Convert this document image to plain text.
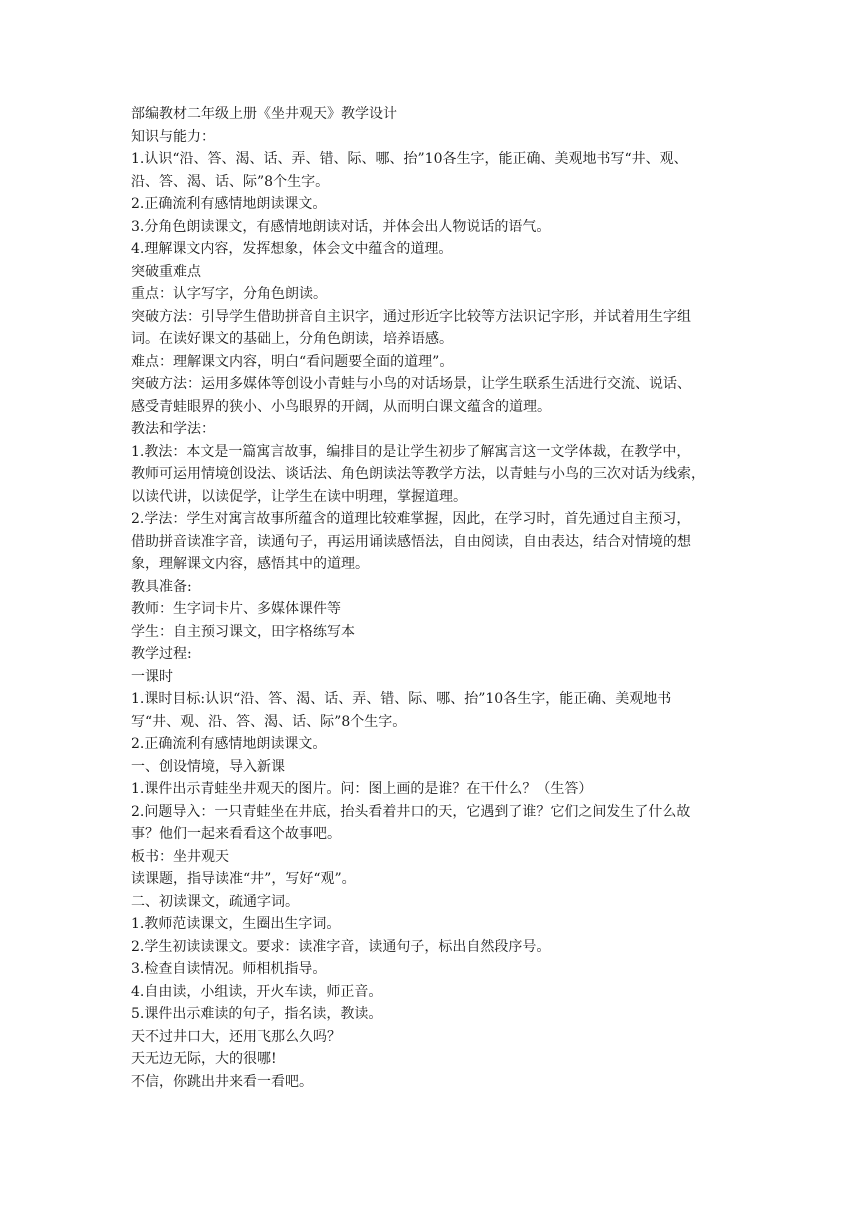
部编教材二年级上册《坐井观天》教学设计

知识与能力：

1.认识“沿、答、渴、话、弄、错、际、哪、抬”10各生字，能正确、美观地书写“井、观、

沿、答、渴、话、际”8个生字。

2.正确流利有感情地朗读课文。

3.分角色朗读课文，有感情地朗读对话，并体会出人物说话的语气。

4.理解课文内容，发挥想象，体会文中蕴含的道理。

突破重难点

重点：认字写字，分角色朗读。

突破方法：引导学生借助拼音自主识字，通过形近字比较等方法识记字形，并试着用生字组

词。在读好课文的基础上，分角色朗读，培养语感。

难点：理解课文内容，明白“看问题要全面的道理”。

突破方法：运用多媒体等创设小青蛙与小鸟的对话场景，让学生联系生活进行交流、说话、

感受青蛙眼界的狭小、小鸟眼界的开阔，从而明白课文蕴含的道理。

教法和学法：

1.教法：本文是一篇寓言故事，编排目的是让学生初步了解寓言这一文学体裁，在教学中，

教师可运用情境创设法、谈话法、角色朗读法等教学方法，以青蛙与小鸟的三次对话为线索，

以读代讲，以读促学，让学生在读中明理，掌握道理。

2.学法：学生对寓言故事所蕴含的道理比较难掌握，因此，在学习时，首先通过自主预习，

借助拼音读准字音，读通句子，再运用诵读感悟法，自由阅读，自由表达，结合对情境的想

象，理解课文内容，感悟其中的道理。

教具准备:

教师：生字词卡片、多媒体课件等

学生：自主预习课文，田字格练写本

教学过程:

一课时

1.课时目标:认识“沿、答、渴、话、弄、错、际、哪、抬”10各生字，能正确、美观地书

写“井、观、沿、答、渴、话、际”8个生字。

2.正确流利有感情地朗读课文。

一、创设情境，导入新课

1.课件出示青蛙坐井观天的图片。问：图上画的是谁？在干什么？（生答）

2.问题导入：一只青蛙坐在井底，抬头看着井口的天，它遇到了谁？它们之间发生了什么故

事？他们一起来看看这个故事吧。

板书：坐井观天

读课题，指导读准“井”，写好“观”。

二、初读课文，疏通字词。

1.教师范读课文，生圈出生字词。

2.学生初读读课文。要求：读准字音，读通句子，标出自然段序号。

3.检查自读情况。师相机指导。

4.自由读，小组读，开火车读，师正音。

5.课件出示难读的句子，指名读，教读。

天不过井口大，还用飞那么久吗？

天无边无际，大的很哪!

不信，你跳出井来看一看吧。
